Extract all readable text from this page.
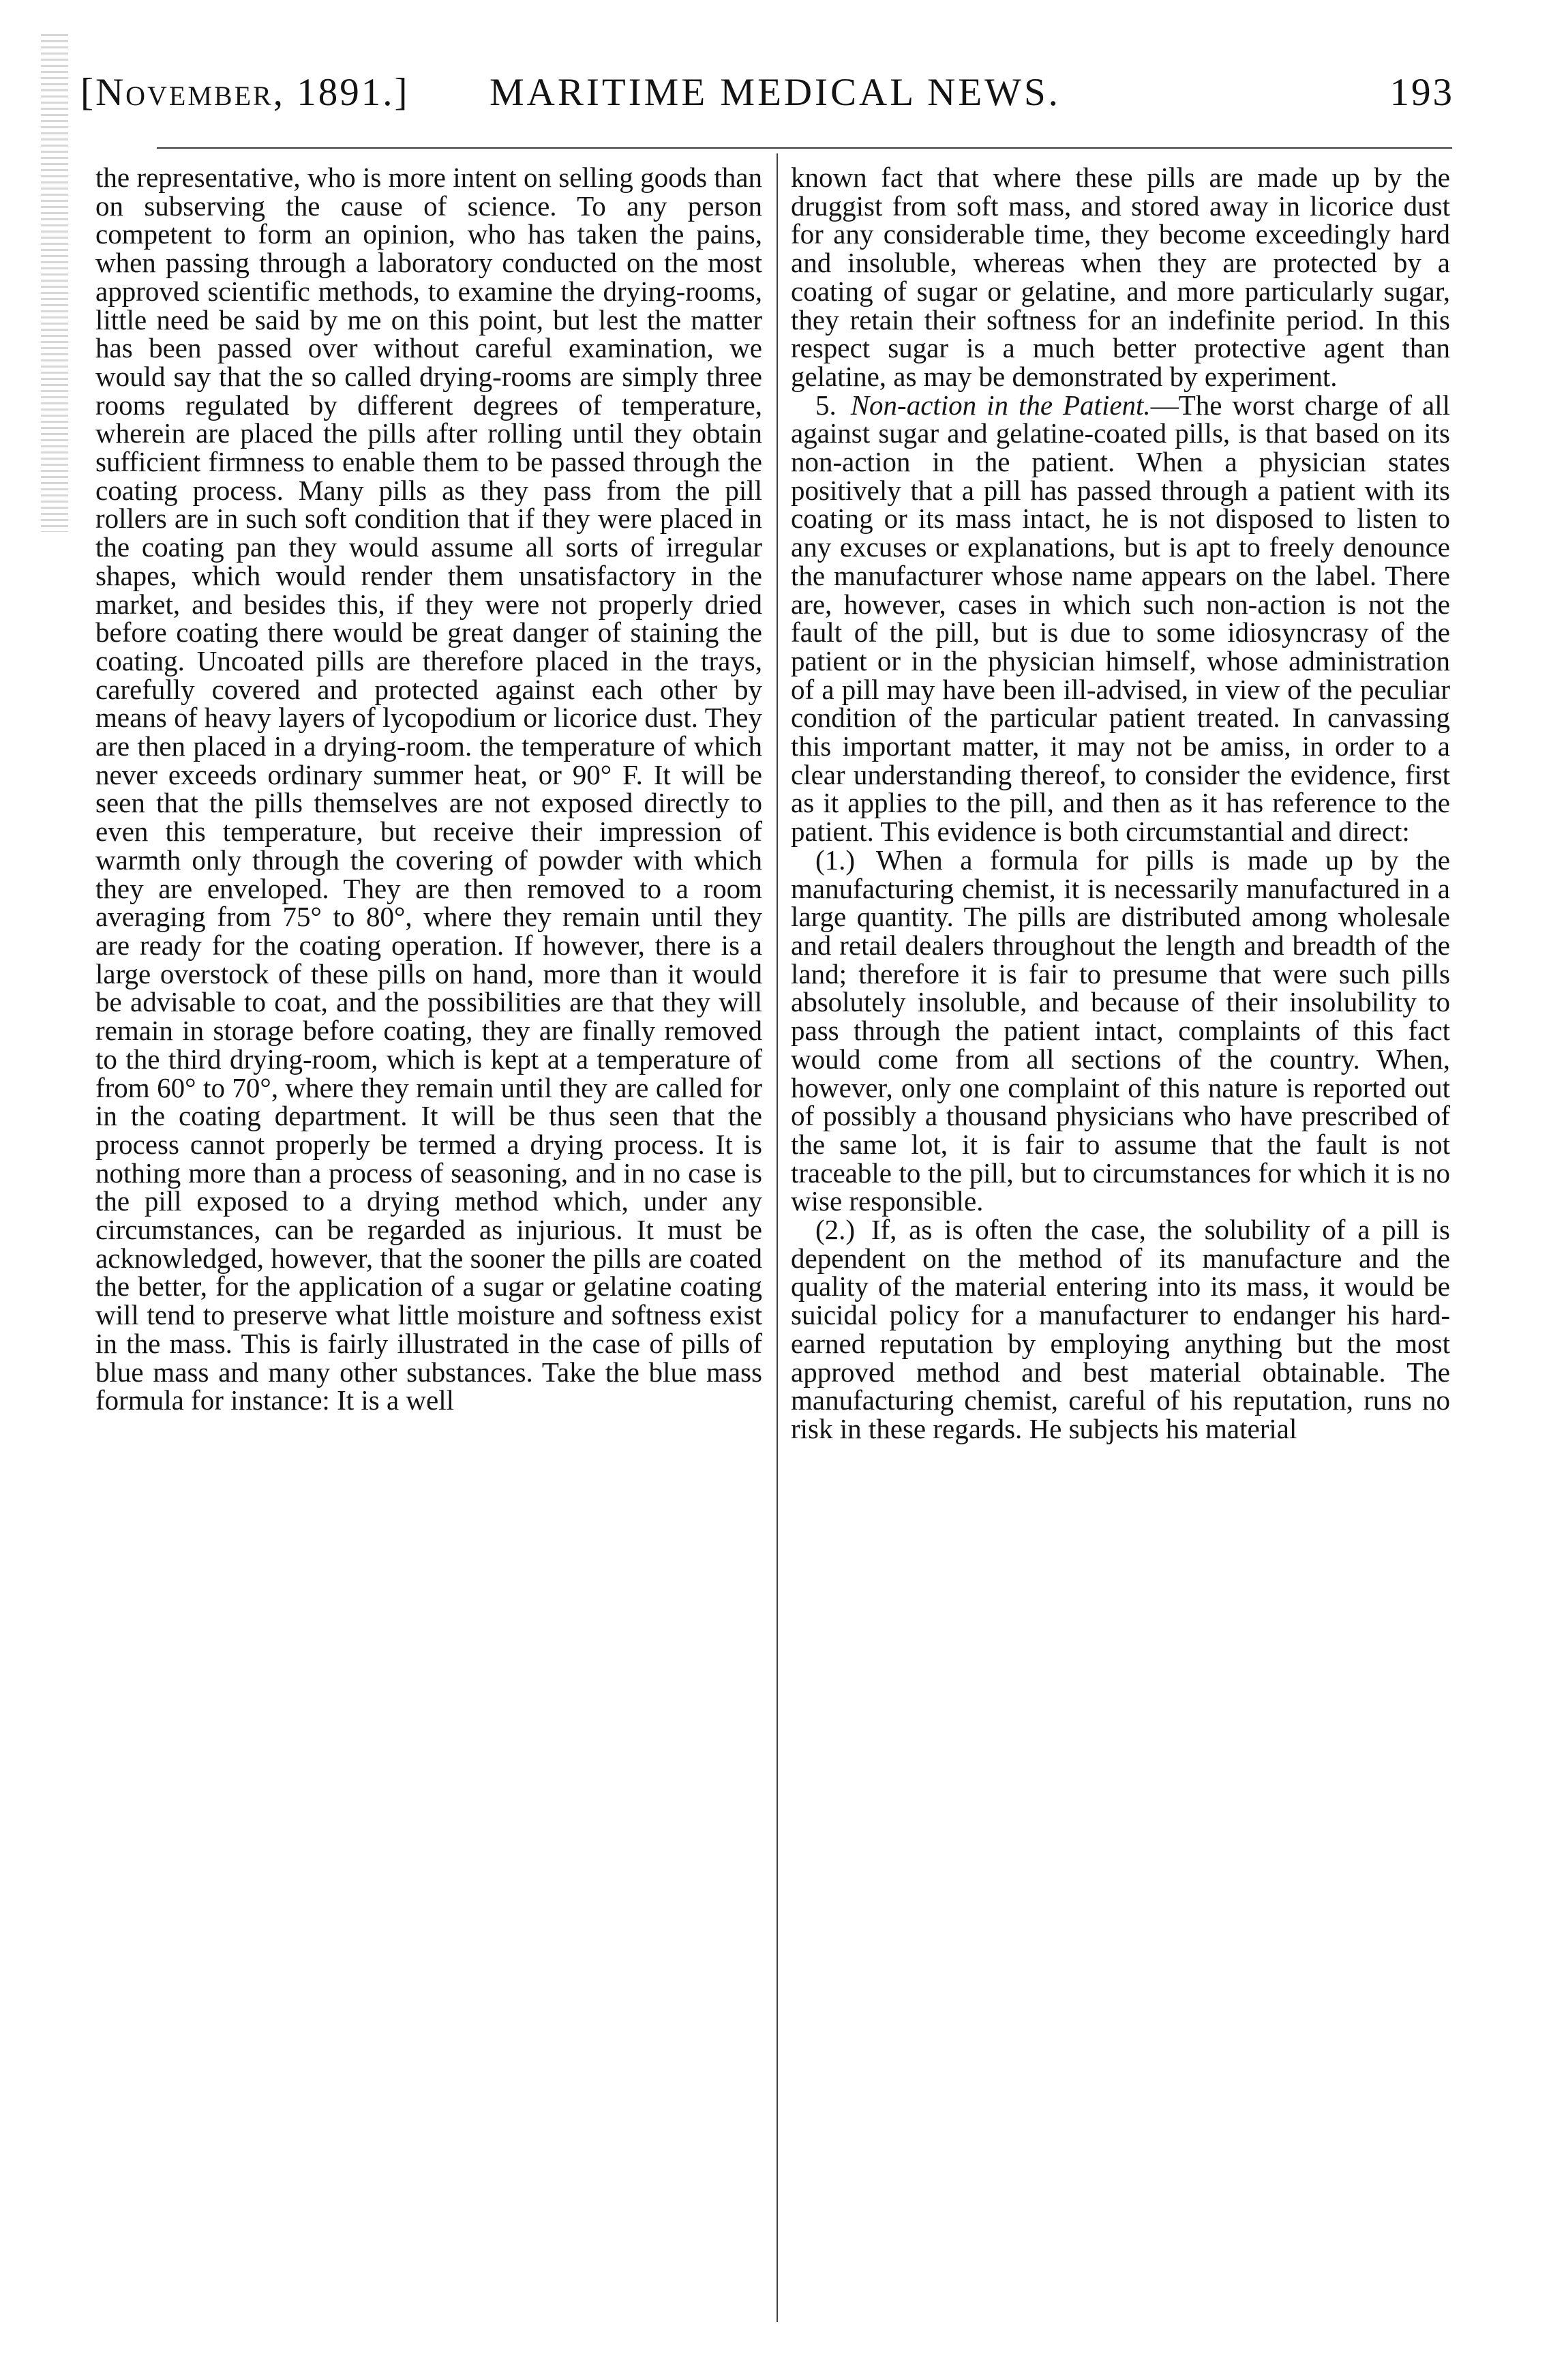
[November, 1891.] MARITIME MEDICAL NEWS.	193

the representative, who is more intent on selling goods than on subserving the cause of science. To any person competent to form an opinion, who has taken the pains, when passing through a laboratory conducted on the most approved scientific methods, to examine the drying-rooms, little need be said by me on this point, but lest the matter has been passed over without careful examination, we would say that the so called drying-rooms are simply three rooms regulated by different degrees of temperature, wherein are placed the pills after rolling until they obtain sufficient firmness to enable them to be passed through the coating process. Many pills as they pass from the pill rollers are in such soft condition that if they were placed in the coating pan they would assume all sorts of irregular shapes, which would render them unsatisfactory in the market, and besides this, if they were not properly dried before coating there would be great danger of staining the coating. Uncoated pills are therefore placed in the trays, carefully covered and protected against each other by means of heavy layers of lycopodium or licorice dust. They are then placed in a drying-room. the temperature of which never exceeds ordinary summer heat, or 90° F. It will be seen that the pills themselves are not exposed directly to even this temperature, but receive their impression of warmth only through the covering of powder with which they are enveloped. They are then removed to a room averaging from 75° to 80°, where they remain until they are ready for the coating operation. If however, there is a large overstock of these pills on hand, more than it would be advisable to coat, and the possibilities are that they will remain in storage before coating, they are finally removed to the third drying-room, which is kept at a temperature of from 60° to 70°, where they remain until they are called for in the coating department. It will be thus seen that the process cannot properly be termed a drying process. It is nothing more than a process of seasoning, and in no case is the pill exposed to a drying method which, under any circumstances, can be regarded as injurious. It must be acknowledged, however, that the sooner the pills are coated the better, for the application of a sugar or gelatine coating will tend to preserve what little moisture and softness exist in the mass. This is fairly illustrated in the case of pills of blue mass and many other substances. Take the blue mass formula for instance: It is a well

known fact that where these pills are made up by the druggist from soft mass, and stored away in licorice dust for any considerable time, they become exceedingly hard and insoluble, whereas when they are protected by a coating of sugar or gelatine, and more particularly sugar, they retain their softness for an indefinite period. In this respect sugar is a much better protective agent than gelatine, as may be demonstrated by experiment.

5. Non-action in the Patient.—The worst charge of all against sugar and gelatine-coated pills, is that based on its non-action in the patient. When a physician states positively that a pill has passed through a patient with its coating or its mass intact, he is not disposed to listen to any excuses or explanations, but is apt to freely denounce the manufacturer whose name appears on the label. There are, however, cases in which such non-action is not the fault of the pill, but is due to some idiosyncrasy of the patient or in the physician himself, whose administration of a pill may have been ill-advised, in view of the peculiar condition of the particular patient treated. In canvassing this important matter, it may not be amiss, in order to a clear understanding thereof, to consider the evidence, first as it applies to the pill, and then as it has reference to the patient. This evidence is both circumstantial and direct:

(1.) When a formula for pills is made up by the manufacturing chemist, it is necessarily manufactured in a large quantity. The pills are distributed among wholesale and retail dealers throughout the length and breadth of the land; therefore it is fair to presume that were such pills absolutely insoluble, and because of their insolubility to pass through the patient intact, complaints of this fact would come from all sections of the country. When, however, only one complaint of this nature is reported out of possibly a thousand physicians who have prescribed of the same lot, it is fair to assume that the fault is not traceable to the pill, but to circumstances for which it is no wise responsible.

(2.) If, as is often the case, the solubility of a pill is dependent on the method of its manufacture and the quality of the material entering into its mass, it would be suicidal policy for a manufacturer to endanger his hard-earned reputation by employing anything but the most approved method and best material obtainable. The manufacturing chemist, careful of his reputation, runs no risk in these regards. He subjects his material
